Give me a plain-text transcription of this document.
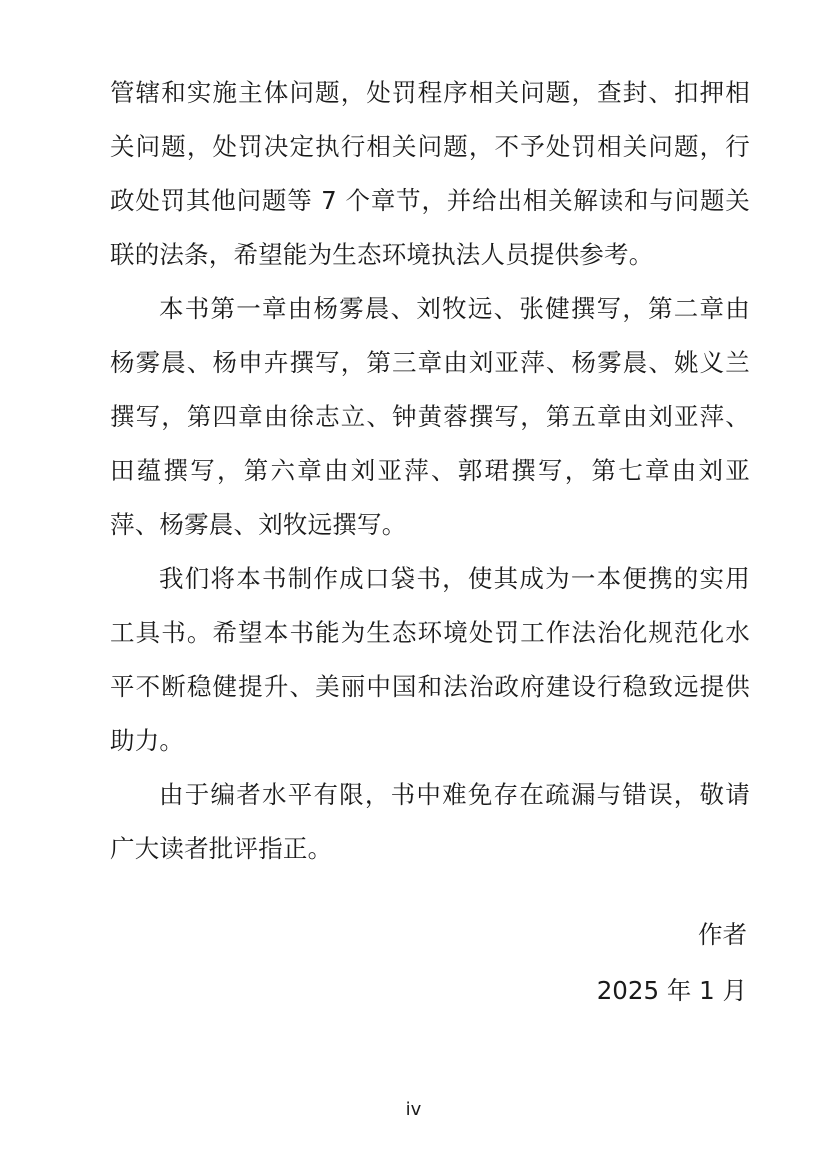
管辖和实施主体问题，处罚程序相关问题，查封、扣押相关问题，处罚决定执行相关问题，不予处罚相关问题，行政处罚其他问题等 7 个章节，并给出相关解读和与问题关联的法条，希望能为生态环境执法人员提供参考。

本书第一章由杨雾晨、刘牧远、张健撰写，第二章由杨雾晨、杨申卉撰写，第三章由刘亚萍、杨雾晨、姚义兰撰写，第四章由徐志立、钟黄蓉撰写，第五章由刘亚萍、田蕴撰写，第六章由刘亚萍、郭珺撰写，第七章由刘亚萍、杨雾晨、刘牧远撰写。

我们将本书制作成口袋书，使其成为一本便携的实用工具书。希望本书能为生态环境处罚工作法治化规范化水平不断稳健提升、美丽中国和法治政府建设行稳致远提供助力。

由于编者水平有限，书中难免存在疏漏与错误，敬请广大读者批评指正。

作者
2025 年 1 月
iv
